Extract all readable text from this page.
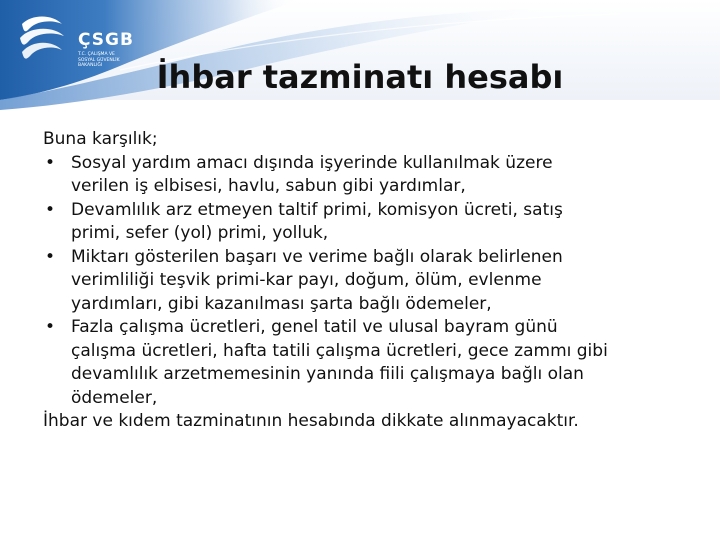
ÇSGB
T.C. ÇALIŞMA VE
SOSYAL GÜVENLİK
BAKANLIĞI	İhbar tazminatı hesabı
Buna karşılık;
• Sosyal yardım amacı dışında işyerinde kullanılmak üzere
verilen iş elbisesi, havlu, sabun gibi yardımlar,
• Devamlılık arz etmeyen taltif primi, komisyon ücreti, satış
primi, sefer (yol) primi, yolluk,
• Miktarı gösterilen başarı ve verime bağlı olarak belirlenen
verimliliği teşvik primi-kar payı, doğum, ölüm, evlenme
yardımları, gibi kazanılması şarta bağlı ödemeler,
• Fazla çalışma ücretleri, genel tatil ve ulusal bayram günü
çalışma ücretleri, hafta tatili çalışma ücretleri, gece zammı gibi
devamlılık arzetmemesinin yanında fiili çalışmaya bağlı olan
ödemeler,
İhbar ve kıdem tazminatının hesabında dikkate alınmayacaktır.
